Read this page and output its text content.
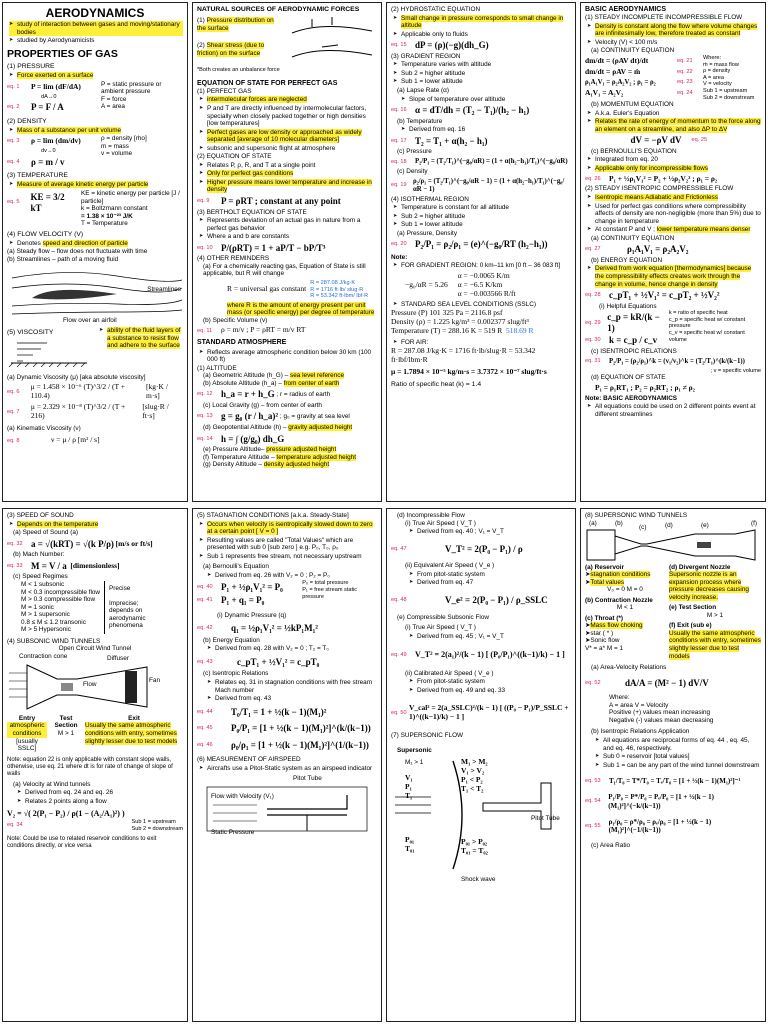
AERODYNAMICS
➤ study of interaction between gases and moving/stationary bodies
➤ studied by Aerodynamicists
PROPERTIES OF GAS
(1) PRESSURE
➤ Force exerted on a surface
eq. 1	P = lim (dF/dA)
dA→0
eq. 2	P = F / A
P = static pressure or ambient pressure
F = force
A = area
(2) DENSITY
➤ Mass of a substance per unit volume
eq. 3	ρ = lim (dm/dv)
dv→0
eq. 4	ρ = m / v
ρ = density [rho]
m = mass
v = volume
(3) TEMPERATURE
➤ Measure of average kinetic energy per particle
eq. 5
KE = 3/2 kT
KE = kinetic energy per particle [J / particle]
k = Boltzmann constant
= 1.38 × 10⁻²³ J/K
T = Temperature
(4) FLOW VELOCITY (V)
➤ Denotes speed and direction of particle
(a) Steady flow – flow does not fluctuate with time
(b) Streamlines – path of a moving fluid
Streamlines
Flow over an airfoil
(5) VISCOSITY
➤	ability of the fluid layers of a substance to resist flow and adhere to the surface
(a) Dynamic Viscosity (μ) [aka absolute viscosity]
eq. 6
μ = 1.458 × 10⁻⁶ (T)^3/2 / (T + 110.4)

[kg·K / m·s]
eq. 7
μ = 2.329 × 10⁻⁸ (T)^3/2 / (T + 216)

[slug·R / ft·s]
(a) Kinematic Viscosity (ν)
eq. 8	ν = μ / ρ
[m² / s]
NATURAL SOURCES OF AERODYNAMIC FORCES
(1) Pressure distribution on the surface
(2) Shear stress (due to friction) on the surface
*Both creates an unbalance force
EQUATION OF STATE FOR PERFECT GAS
(1) PERFECT GAS
➤ intermolecular forces are neglected
➤ P and T are directly influenced by intermolecular factors, specially when closely packed together or high densities [low temperatures]
➤ Perfect gases are low density or approached as widely separated [average of 10 molecular diameters]
➤ subsonic and supersonic flight at atmosphere
(2) EQUATION OF STATE
➤ Relates P, ρ, R, and T at a single point
➤ Only for perfect gas conditions
➤ Higher pressure means lower temperature and increase in density
eq. 9	P = ρRT ; constant at any point
(3) BERTHOLT EQUATION OF STATE
➤ Represents deviation of an actual gas in nature from a perfect gas behavior
➤ Where a and b are constants
eq. 10 P/(ρRT) = 1 + aP/T − bP/T³
(4) OTHER REMINDERS
(a) For a chemically reacting gas, Equation of State is still applicable, but R will change
R = universal gas constant
R = 287.08 J/kg·K
R = 1716 ft·lb/ slug·R
R = 53.342 ft·lbm/ lbf·R
where R is the amount of energy present per unit mass (or specific energy) per degree of temperature
(b) Specific Volume (v)
eq. 11	ρ = m/v ; P = ρRT = m/v RT
STANDARD ATMOSPHERE
➤ Reflects average atmospheric condition below 30 km (100 000 ft)
(1) ALTITUDE
(a) Geometric Altitude (h_G) – sea level reference
(b) Absolute Altitude (h_a) – from center of earth
eq. 12 h_a = r + h_G
; r = radius of earth
(c) Local Gravity (g) – from center of earth
eq. 13 g = g₀ (r / h_a)²
; g₀ = gravity at sea level
(d) Geopotential Altitude (h) – gravity adjusted height
eq. 14 h = ∫ (g/g₀) dh_G
(e) Pressure Altitude– pressure adjusted height
(f) Temperature Altitude – temperature adjusted height
(g) Density Altitude – density adjusted height
(2) HYDROSTATIC EQUATION
➤ Small change in pressure corresponds to small change in altitude
➤ Applicable only to fluids
eq. 15 dP = (ρ)(−g)(dh_G)
(3) GRADIENT REGION
➤ Temperature varies with altitude
➤ Sub 2 = higher altitude
➤ Sub 1 = lower altitude
(a) Lapse Rate (α)
➤ Slope of temperature over altitude
eq. 16 α = dT/dh = (T₂ − T₁)/(h₂ − h₁)
(b) Temperature
➤ Derived from eq. 16
eq. 17 T₂ = T₁ + α(h₂ − h₁)
(c) Pressure
eq. 18	P₂/P₁ = (T₂/T₁)^(−g₀/αR) = (1 + α(h₂−h₁)/T₁)^(−g₀/αR)
(c) Density
eq. 19
ρ₂/ρ₁ = (T₂/T₁)^(−g₀/αR − 1) = (1 + α(h₂−h₁)/T₁)^(−g₀/αR − 1)
(4) ISOTHERMAL REGION
➤ Temperature is constant for all altitude
➤ Sub 2 = higher altitude
➤ Sub 1 = lower altitude
(a) Pressure, Density
eq. 20 P₂/P₁ = ρ₂/ρ₁ = (e)^(−g₀/RT (h₂−h₁))
Note:
➤ FOR GRADIENT REGION: 0 km–11 km [0 ft – 36 083 ft]
−g₀/αR = 5.26
α = −0.0065 K/m
α = −6.5 K/km
α = −0.003566 R/ft
➤ STANDARD SEA LEVEL CONDITIONS (SSLC)
Pressure (P) 101 325 Pa = 2116.8 psf
Density (ρ) = 1.225 kg/m³ = 0.002377 slug/ft³
Temperature (T) = 288.16 K = 519 R 518.69 R
➤ FOR AIR:
R = 287.08 J/kg·K = 1716 ft·lb/slug·R = 53.342 ft·lbf/lbm·R
μ = 1.7894 × 10⁻⁵ kg/m·s = 3.7372 × 10⁻⁷ slug/ft·s
Ratio of specific heat (k) = 1.4
BASIC AERODYNAMICS
(1) STEADY INCOMPLETE INCOMPRESSIBLE FLOW
➤ Density is constant along the flow where volume changes are infinitesimally low, therefore treated as constant
➤ Velocity (V) < 100 m/s
(a) CONTINUITY EQUATION
dm/dt = (ρAV dt)/dt	eq. 21
dm/dt = ρAV = ṁ	eq. 22
ρ₁A₁V₁ = ρ₂A₂V₂ ; ρ₁ = ρ₂	eq. 23
A₁V₁ = A₂V₂	eq. 24
Where:
ṁ = mass flow
ρ = density
A = area
V = velocity
Sub 1 = upstream
Sub 2 = downstream
(b) MOMENTUM EQUATION
➤ A.k.a. Euler's Equation
➤ Relates the rate of energy of momentum to the force along an element on a streamline, and also ΔP to ΔV
dV = −ρV dV eq. 25
(c) BERNOULLI'S EQUATION
➤ Integrated from eq. 20
➤ Applicable only for incompressible flows
eq. 26	P₁ + ½ρ₁V₁² = P₂ + ½ρ₂V₂² ; ρ₁ = ρ₂
(2) STEADY ISENTROPIC COMPRESSIBLE FLOW
➤ Isentropic means Adiabatic and Frictionless
➤ Used for perfect gas conditions where compressibility affects of density are non-negligible (more than 5%) due to change in temperature
➤ At constant P and V ; lower temperature means denser
(a) CONTINUITY EQUATION
eq. 27	ρ₁A₁V₁ = ρ₂A₂V₂
(b) ENERGY EQUATION
➤ Derived from work equation [thermodynamics] because the compressibility effects creates work through the change in volume, hence change in density
eq. 28 c_pT₁ + ½V₁² = c_pT₂ + ½V₂²
(i) Helpful Equations
eq. 29
c_p = kR/(k − 1)
eq. 30 k = c_p / c_v
k = ratio of specific heat
c_p = specific heat w/ constant pressure
c_v = specific heat w/ constant volume
(c) ISENTROPIC RELATIONS
eq. 31	P₂/P₁ = (ρ₂/ρ₁)^k = (v₁/v₂)^k = (T₂/T₁)^(k/(k−1))
; v = specific volume
(d) EQUATION OF STATE
P₁ = ρ₁RT₁ ; P₂ = ρ₂RT₂ ; ρ₁ ≠ ρ₂
Note: BASIC AERODYNAMICS
➤ All equations could be used on 2 different points event at different streamlines
(3) SPEED OF SOUND
➤ Depends on the temperature
(a) Speed of Sound (a)
eq. 32 a = √(kRT) = √(k P/ρ)
[m/s or ft/s]
(b) Mach Number:
eq. 33 M = V / a
[dimensionless]
(c) Speed Regimes
M < 1 subsonic
M < 0.3 incompressible flow
M > 0.3 compressible flow
M = 1 sonic
M > 1 supersonic
0.8 ≤ M ≤ 1.2 transonic
M > 5 Hypersonic
Precise
Imprecise; depends on aerodynamic phenomena
(4) SUBSONIC WIND TUNNELS
Open Circuit Wind Tunnel
Contraction cone	Diffuser
Flow
Fan
Entry
atmospheric conditions
[usually SSLC]
Test Section
M > 1
Exit
Usually the same atmospheric conditions with entry, sometimes slightly lesser due to test models
Note: equation 22 is only applicable with constant slope walls, otherwise, use eq. 21 where dt is for rate of change of slope of walls
(a) Velocity at Wind tunnels
➤ Derived from eq. 24 and eq. 26
➤ Relates 2 points along a flow
V₂ = √( 2(P₁ − P₂) / ρ(1 − (A₂/A₁)²) )
eq. 34
Sub 1 = upstream
Sub 2 = downstream
Note: Could be use to related reservoir conditions to exit conditions directly, or vice versa
(5) STAGNATION CONDITIONS [a.k.a. Steady-State]
➤ Occurs when velocity is isentropically slowed down to zero at a certain point [ V = 0 ]
➤ Resulting values are called "Total Values" which are presented with sub 0 [sub zero ] e.g. P₀, T₀, ρ₀
➤ Sub 1 represents free stream, not necessary upstream
(a) Bernoulli's Equation
➤ Derived from eq. 26 with V₂ = 0 ; P₂ = P₀
eq. 40 P₁ + ½ρ₁V₁² = P₀
eq. 41 P₁ + q₁ = P₀
P₀ = total pressure
P₁ = free stream static pressure
(i) Dynamic Pressure (q)
eq. 42	q₁ = ½ρ₁V₁² = ½kP₁M₁²
(b) Energy Equation
➤ Derived from eq. 28 with V₂ = 0 ; T₂ = T₀
eq. 43	c_pT₁ + ½V₁² = c_pT₀
(c) Isentropic Relations
➤ Relates eq. 31 in stagnation conditions with free stream Mach number
➤ Derived from eq. 43
eq. 44	T₀/T₁ = 1 + ½(k − 1)(M₁)²
eq. 45	P₀/P₁ = [1 + ½(k − 1)(M₁)²]^(k/(k−1))
eq. 46	ρ₀/ρ₁ = [1 + ½(k − 1)(M₁)²]^(1/(k−1))
(6) MEASUREMENT OF AIRSPEED
➤ Aircrafts use a Pitot-Static system as an airspeed indicator
Pitot Tube
Flow with Velocity (V₁)
Static Pressure
(d) Incompressible Flow
(i) True Air Speed ( V_T )
➤ Derived from eq. 40 ; V₁ = V_T
eq. 47	V_T² = 2(P₀ − P₁) / ρ
(ii) Equivalent Air Speed ( V_e )
➤ From pitot-static system
➤ Derived from eq. 47
eq. 48	V_e² = 2(P₀ − P₁) / ρ_SSLC
(e) Compressible Subsonic Flow
(i) True Air Speed ( V_T )
➤ Derived from eq. 45 ; V₁ = V_T
eq. 49	V_T² = 2(a₁)²/(k − 1) [ (P₀/P₁)^((k−1)/k) − 1 ]
(ii) Calibrated Air Speed ( V_e )
➤ From pitot-static system
➤ Derived from eq. 49 and eq. 33
eq. 50
V_cal² = 2(a_SSLC)²/(k − 1) [ ((P₀ − P₁)/P_SSLC + 1)^((k−1)/k) − 1 ]
(7) SUPERSONIC FLOW
Supersonic
M₁ > 1
V₁
P₁
T₁
M₁ > M₂
V₁ > V₂
P₁ < P₂
T₁ < T₂
P₀₁
T₀₁
P₀₁ > P₀₂
T₀₁ = T₀₂
Pitot Tube
Shock wave
(8) SUPERSONIC WIND TUNNELS
(a)	(b)
(c)	(d)	(e)	(f)
(a) Reservoir
➤stagnation conditions
➤Total values
V₀ = 0 M = 0
(b) Contraction Nozzle
M < 1
(c) Throat (*)
➤Mass flow choking
➤star ( * )
➤Sonic flow
V* = a* M = 1
(d) Divergent Nozzle
Supersonic nozzle is an expansion process where pressure decreases causing velocity increase.
(e) Test Section
M > 1
(f) Exit (sub e)
Usually the same atmospheric conditions with entry, sometimes slightly lesser due to test models
(a) Area-Velocity Relations
eq. 52	dA/A = (M² − 1) dV/V
Where:
A = area V = Velocity
Positive (+) values mean increasing
Negative (-) values mean decreasing
(b) Isentropic Relations Application
➤ All equations are reciprocal forms of eq. 44 , eq. 45, and eq. 46, respectively.
➤ Sub 0 = reservoir [total values]
➤ Sub 1 = can be any part of the wind tunnel downstream
eq. 53	T₁/T₀ = T*/T₀ = Tₑ/T₀ = [1 + ½(k − 1)(M₁)²]⁻¹
eq. 54	P₁/P₀ = P*/P₀ = Pₑ/P₀ = [1 + ½(k − 1)(M₁)²]^(−k/(k−1))
eq. 55	ρ₁/ρ₀ = ρ*/ρ₀ = ρₑ/ρ₀ = [1 + ½(k − 1)(M₁)²]^(−1/(k−1))
(c) Area Ratio
